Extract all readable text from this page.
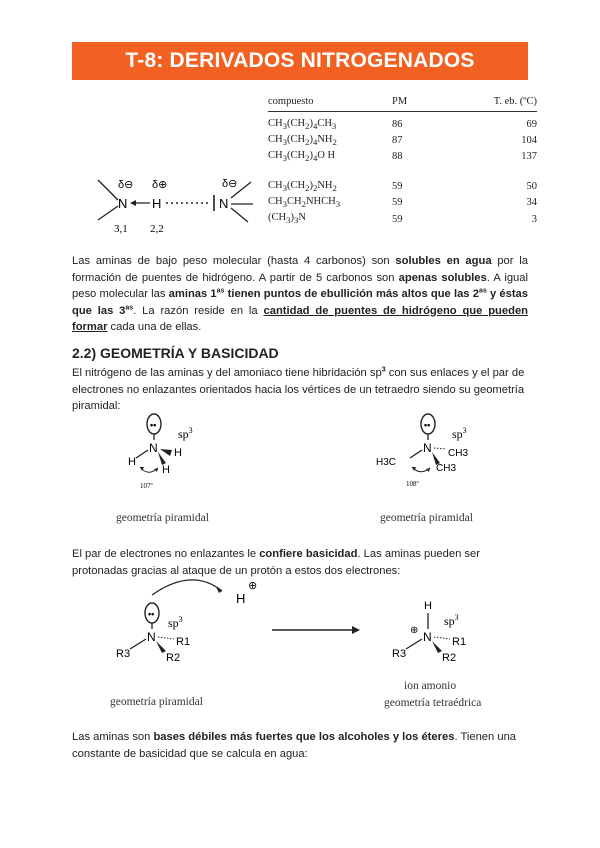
T-8: DERIVADOS NITROGENADOS
N
δ⊖
H
δ⊕
N
δ⊖
3,1 2,2
compuesto	PM	T. eb. (ºC)
$CH_3(CH_2)_4CH_3$	86	69
$CH_3(CH_2)_4NH_2$	87	104
$CH_3(CH_2)_4O$ H	88	137

$CH_3(CH_2)_2NH_2$	59	50
$CH_3CH_2NHCH_3$	59	34
$(CH_3)_3N$	59	3
Las aminas de bajo peso molecular (hasta 4 carbonos) son solubles en agua por la formación de puentes de hidrógeno. A partir de 5 carbonos son apenas solubles. A igual peso molecular las aminas $1^{as}$ tienen puntos de ebullición más altos que las $2^{as}$ y éstas que las $3^{as}$. La razón reside en la cantidad de puentes de hidrógeno que pueden formar cada una de ellas.
2.2) GEOMETRÍA Y BASICIDAD
El nitrógeno de las aminas y del amoniaco tiene hibridación $sp^3$ con sus enlaces y el par de electrones no enlazantes orientados hacia los vértices de un tetraedro siendo su geometría piramidal:
••
$sp^3$
N
H
H
H
107º
geometría piramidal
••
$sp^3$
N
H3C
CH3
CH3
108º
geometría piramidal
El par de electrones no enlazantes le confiere basicidad. Las aminas pueden ser protonadas gracias al ataque de un protón a estos dos electrones:
H
⊕
••
$sp^3$
N
R3
R1
R2
H
⊕
$sp^3$
N
R3
R1
R2
geometría piramidal
ion amonio
geometría tetraédrica
Las aminas son bases débiles más fuertes que los alcoholes y los éteres. Tienen una constante de basicidad que se calcula en agua:
